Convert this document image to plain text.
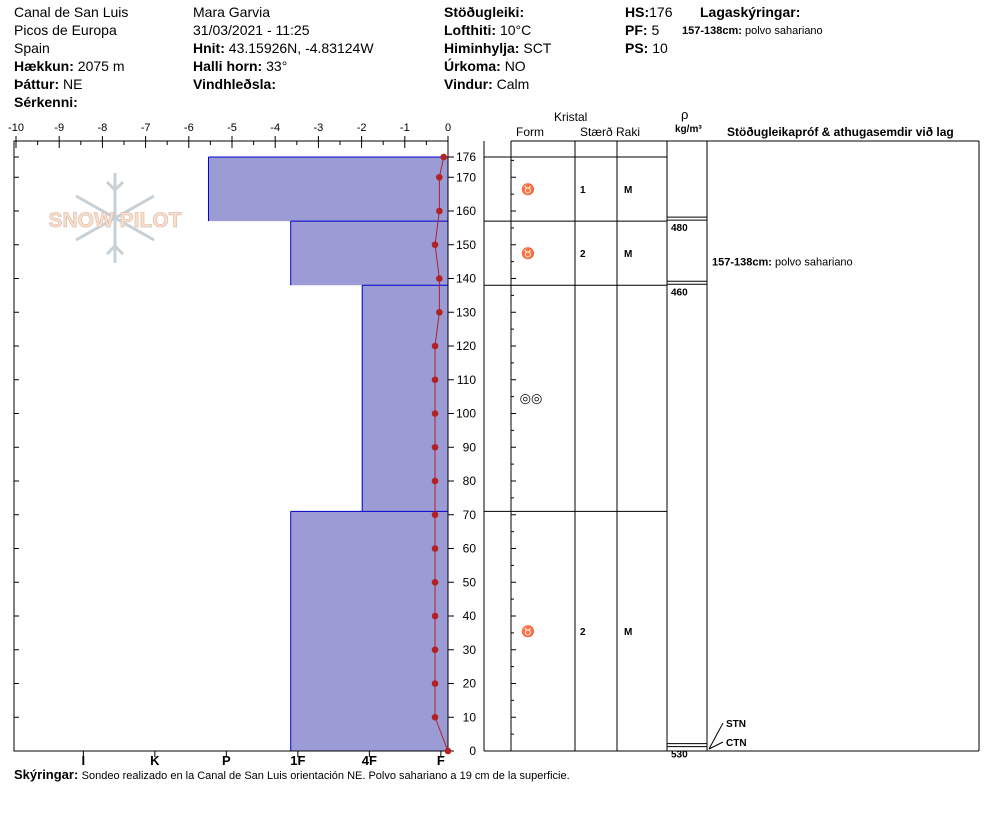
Canal de San Luis
Picos de Europa
Spain
Hækkun: 2075 m
Þáttur: NE
Sérkenni:
Mara Garvia
31/03/2021 - 11:25
Hnit: 43.15926N, -4.83124W
Halli horn: 33°
Vindhleðsla:
Stöðugleiki:
Lofthiti: 10°C
Himinhylja: SCT
Úrkoma: NO
Vindur: Calm
HS:176
PF: 5
PS: 10
Lagaskýringar:
157-138cm: polvo sahariano
Kristal
Form	Stærð Raki
ρ
kg/m³ Stöðugleikapróf & athugasemdir við lag
SNOW PILOT
-10	-9	-8	-7	-6	-5	-4	-3	-2	-1	0
176
170
160
150
140
130
120
110
100
90
80
70
60
50
40
30
20
10
0
I	K	P	1F	4F	F
♉	1	M
♉	2	M
◎◎
♉	2	M
480
460
530
157-138cm: polvo sahariano
STN
CTN
Skýringar: Sondeo realizado en la Canal de San Luis orientación NE. Polvo sahariano a 19 cm de la superficie.
